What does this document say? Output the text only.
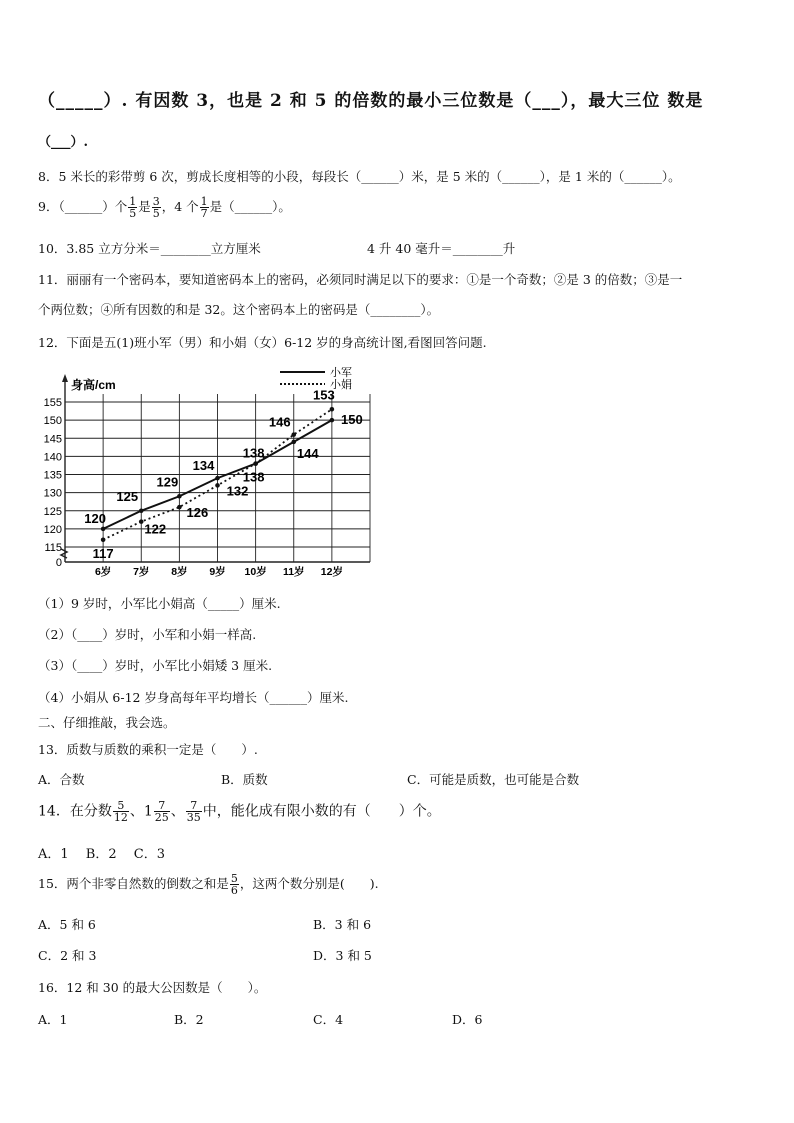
（_____）. 有因数 3，也是 2 和 5 的倍数的最小三位数是（___），最大三位 数是
（___）.
8．5 米长的彩带剪 6 次，剪成长度相等的小段，每段长（______）米，是 5 米的（______），是 1 米的（______）。
9．（______）个 $\frac{1}{5}$ 是 $\frac{3}{5}$ ，4 个 $\frac{1}{7}$ 是（______）。
10．3.85 立方分米＝________立方厘米	4 升 40 毫升＝________升
11．丽丽有一个密码本，要知道密码本上的密码，必须同时满足以下的要求：①是一个奇数；②是 3 的倍数；③是一
个两位数；④所有因数的和是 32。这个密码本上的密码是（________）。
12．下面是五(1)班小军（男）和小娟（女）6-12 岁的身高统计图,看图回答问题.
0
115
120
125
130
135
140
145
150
155
身高/cm
6岁 7岁 8岁 9岁 10岁 11岁 12岁
120
125
129
134
138
144
150
117
122
126
132
138
146
153
小军
小娟
（1）9 岁时，小军比小娟高（_____）厘米.
（2）（____）岁时，小军和小娟一样高.
（3）（____）岁时，小军比小娟矮 3 厘米.
（4）小娟从 6-12 岁身高每年平均增长（______）厘米.
二、仔细推敲，我会选。
13．质数与质数的乘积一定是（　　）.
A．合数	B．质数	C．可能是质数，也可能是合数
14．在分数 $\frac{5}{12}$ 、$1 \frac{7}{25}$ 、 $\frac{7}{35}$ 中，能化成有限小数的有（　　）个。
A．1　 B．2　 C．3
15．两个非零自然数的倒数之和是 $\frac{5}{6}$ ，这两个数分别是(　　).
A．5 和 6	B．3 和 6
C．2 和 3	D．3 和 5
16．12 和 30 的最大公因数是（　　）。
A．1	B．2	C．4	D．6
